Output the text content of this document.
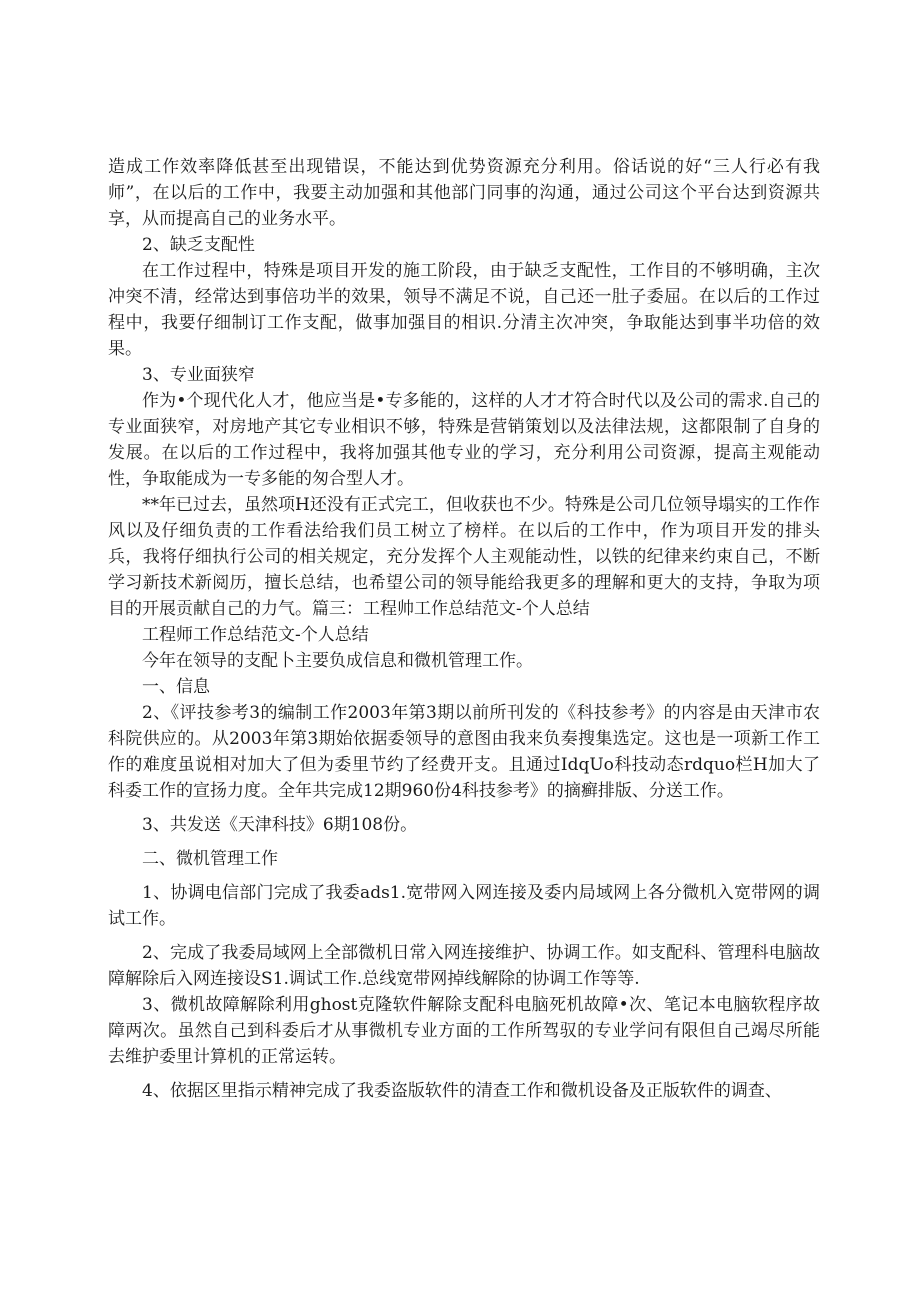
造成工作效率降低甚至出现错误，不能达到优势资源充分利用。俗话说的好“三人行必有我师”，在以后的工作中，我要主动加强和其他部门同事的沟通，通过公司这个平台达到资源共享，从而提高自己的业务水平。

2、缺乏支配性

在工作过程中，特殊是项目开发的施工阶段，由于缺乏支配性，工作目的不够明确，主次冲突不清，经常达到事倍功半的效果，领导不满足不说，自己还一肚子委屈。在以后的工作过程中，我要仔细制订工作支配，做事加强目的相识.分清主次冲突，争取能达到事半功倍的效果。

3、专业面狭窄

作为•个现代化人才，他应当是•专多能的，这样的人才才符合时代以及公司的需求.自己的专业面狭窄，对房地产其它专业相识不够，特殊是营销策划以及法律法规，这都限制了自身的发展。在以后的工作过程中，我将加强其他专业的学习，充分利用公司资源，提高主观能动性，争取能成为一专多能的匆合型人才。

**年已过去，虽然项H还没有正式完工，但收获也不少。特殊是公司几位领导塌实的工作作风以及仔细负责的工作看法给我们员工树立了榜样。在以后的工作中，作为项目开发的排头兵，我将仔细执行公司的相关规定，充分发挥个人主观能动性，以铁的纪律来约束自己，不断学习新技术新阅历，擅长总结，也希望公司的领导能给我更多的理解和更大的支持，争取为项目的开展贡献自己的力气。篇三：工程帅工作总结范文-个人总结

工程师工作总结范文-个人总结

今年在领导的支配卜主要负成信息和微机管理工作。

一、信息

2、《评技参考3的编制工作2003年第3期以前所刊发的《科技参考》的内容是由天津市农科院供应的。从2003年第3期始依据委领导的意图由我来负奏搜集选定。这也是一项新工作工作的难度虽说相对加大了但为委里节约了经费开支。且通过IdqUo科技动态rdquo栏H加大了科委工作的宣扬力度。全年共完成12期960份4科技参考》的摘癣排版、分送工作。

3、共发送《天津科技》6期108份。

二、微机管理工作

1、协调电信部门完成了我委ads1.宽带网入网连接及委内局域网上各分微机入宽带网的调试工作。

2、完成了我委局域网上全部微机日常入网连接维护、协调工作。如支配科、管理科电脑故障解除后入网连接设S1.调试工作.总线宽带网掉线解除的协调工作等等.

3、微机故障解除利用ghost克隆软件解除支配科电脑死机故障•次、笔记本电脑软程序故障两次。虽然自己到科委后才从事微机专业方面的工作所驾驭的专业学问有限但自己竭尽所能去维护委里计算机的正常运转。

4、依据区里指示精神完成了我委盗版软件的清查工作和微机设备及正版软件的调查、
